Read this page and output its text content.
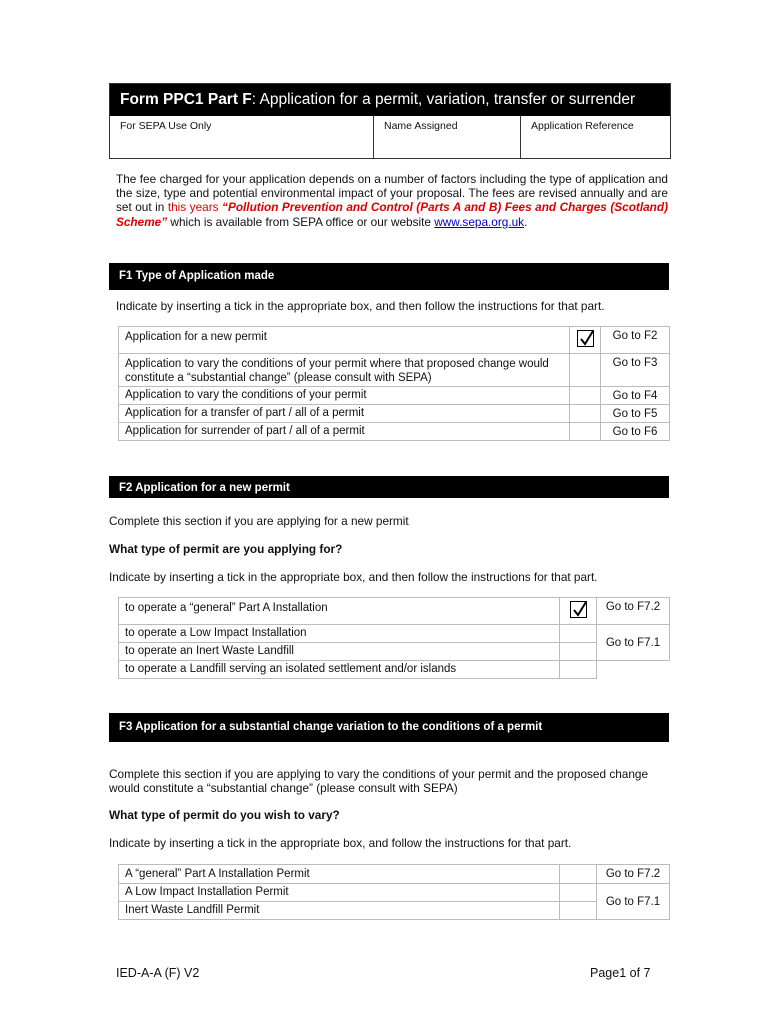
Form PPC1 Part F: Application for a permit, variation, transfer or surrender
For SEPA Use Only	Name Assigned	Application Reference
The fee charged for your application depends on a number of factors including the type of application and the size, type and potential environmental impact of your proposal. The fees are revised annually and are set out in this years “Pollution Prevention and Control (Parts A and B) Fees and Charges (Scotland) Scheme” which is available from SEPA office or our website www.sepa.org.uk.
F1 Type of Application made
Indicate by inserting a tick in the appropriate box, and then follow the instructions for that part.
Application for a new permit		Go to F2
Application to vary the conditions of your permit where that proposed change would constitute a “substantial change” (please consult with SEPA)		Go to F3
Application to vary the conditions of your permit		Go to F4
Application for a transfer of part / all of a permit		Go to F5
Application for surrender of part / all of a permit		Go to F6
F2 Application for a new permit
Complete this section if you are applying for a new permit
What type of permit are you applying for?
Indicate by inserting a tick in the appropriate box, and then follow the instructions for that part.
to operate a “general” Part A Installation		Go to F7.2
to operate a Low Impact Installation		Go to F7.1
to operate an Inert Waste Landfill		
to operate a Landfill serving an isolated settlement and/or islands		
F3 Application for a substantial change variation to the conditions of a permit
Complete this section if you are applying to vary the conditions of your permit and the proposed change would constitute a “substantial change” (please consult with SEPA)
What type of permit do you wish to vary?
Indicate by inserting a tick in the appropriate box, and follow the instructions for that part.
A “general” Part A Installation Permit		Go to F7.2
A Low Impact Installation Permit		Go to F7.1
Inert Waste Landfill Permit		
IED-A-A (F) V2	Page1 of 7
